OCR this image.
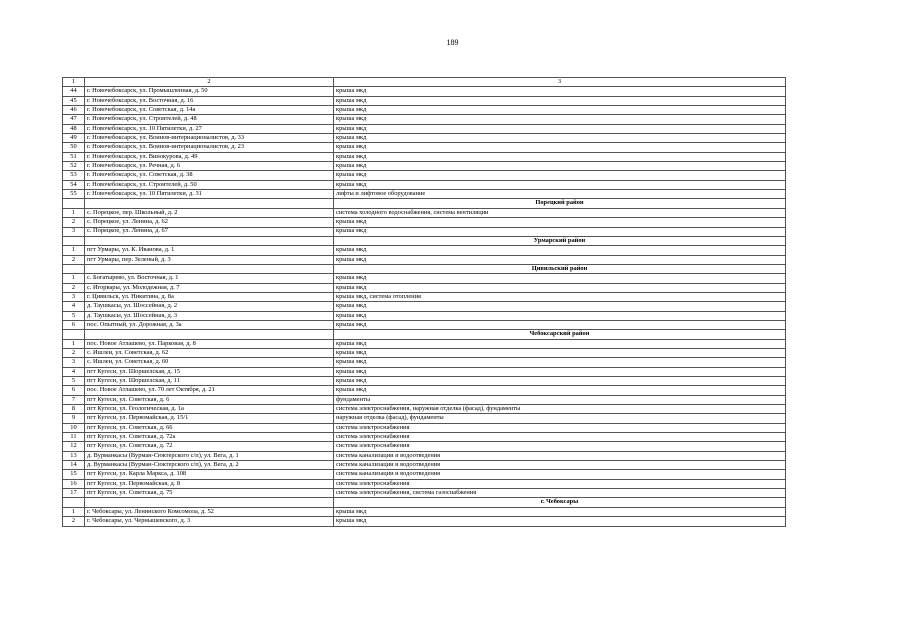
189
1	2	3
44	г. Новочебоксарск, ул. Промышленная, д. 50	крыша мкд
45	г. Новочебоксарск, ул. Восточная, д. 16	крыша мкд
46	г. Новочебоксарск, ул. Советская, д. 14а	крыша мкд
47	г. Новочебоксарск, ул. Строителей, д. 48	крыша мкд
48	г. Новочебоксарск, ул. 10 Пятилетки, д. 27	крыша мкд
49	г. Новочебоксарск, ул. Воинов-интернационалистов, д. 33	крыша мкд
50	г. Новочебоксарск, ул. Воинов-интернационалистов, д. 23	крыша мкд
51	г. Новочебоксарск, ул. Винокурова, д. 49	крыша мкд
52	г. Новочебоксарск, ул. Речная, д. 6	крыша мкд
53	г. Новочебоксарск, ул. Советская, д. 38	крыша мкд
54	г. Новочебоксарск, ул. Строителей, д. 50	крыша мкд
55	г. Новочебоксарск, ул. 10 Пятилетки, д. 31	лифты и лифтовое оборудование
		Порецкий район
1	с. Порецкое, пер. Школьный, д. 2	система холодного водоснабжения, система вентиляции
2	с. Порецкое, ул. Ленина, д. 62	крыша мкд
3	с. Порецкое, ул. Ленина, д. 67	крыша мкд
		Урмарский район
1	пгт Урмары, ул. К. Иванова, д. 1	крыша мкд
2	пгт Урмары, пер. Зеленый, д. 3	крыша мкд
		Цивильский район
1	с. Богатырево, ул. Восточная, д. 1	крыша мкд
2	с. Игорвары, ул. Молодежная, д. 7	крыша мкд
3	г. Цивильск, ул. Никитина, д. 8а	крыша мкд, система отопления
4	д. Таушкасы, ул. Шоссейная, д. 2	крыша мкд
5	д. Таушкасы, ул. Шоссейная, д. 3	крыша мкд
6	пос. Опытный, ул. Дорожная, д. 3а	крыша мкд
		Чебоксарский район
1	пос. Новое Атлашево, ул. Парковая, д. 8	крыша мкд
2	с. Ишлеи, ул. Советская, д. 62	крыша мкд
3	с. Ишлеи, ул. Советская, д. 60	крыша мкд
4	пгт Кугеси, ул. Шоршелская, д. 15	крыша мкд
5	пгт Кугеси, ул. Шоршелская, д. 11	крыша мкд
6	пос. Новое Атлашево, ул. 70 лет Октября, д. 21	крыша мкд
7	пгт Кугеси, ул. Советская, д. 6	фундаменты
8	пгт Кугеси, ул. Геологическая, д. 1а	система электроснабжения, наружная отделка (фасад), фундаменты
9	пгт Кугеси, ул. Первомайская, д. 15/1	наружная отделка (фасад), фундаменты
10	пгт Кугеси, ул. Советская, д. 66	система электроснабжения
11	пгт Кугеси, ул. Советская, д. 72а	система электроснабжения
12	пгт Кугеси, ул. Советская, д. 72	система электроснабжения
13	д. Вурманкасы (Вурман-Сюктерского с/п), ул. Вега, д. 1	система канализации и водоотведения
14	д. Вурманкасы (Вурман-Сюктерского с/п), ул. Вега, д. 2	система канализации и водоотведения
15	пгт Кугеси, ул. Карла Маркса, д. 108	система канализации и водоотведения
16	пгт Кугеси, ул. Первомайская, д. 8	система электроснабжения
17	пгт Кугеси, ул. Советская, д. 75	система электроснабжения, система газоснабжения
		г. Чебоксары
1	г. Чебоксары, ул. Ленинского Комсомола, д. 52	крыша мкд
2	г. Чебоксары, ул. Чернышевского, д. 3	крыша мкд
